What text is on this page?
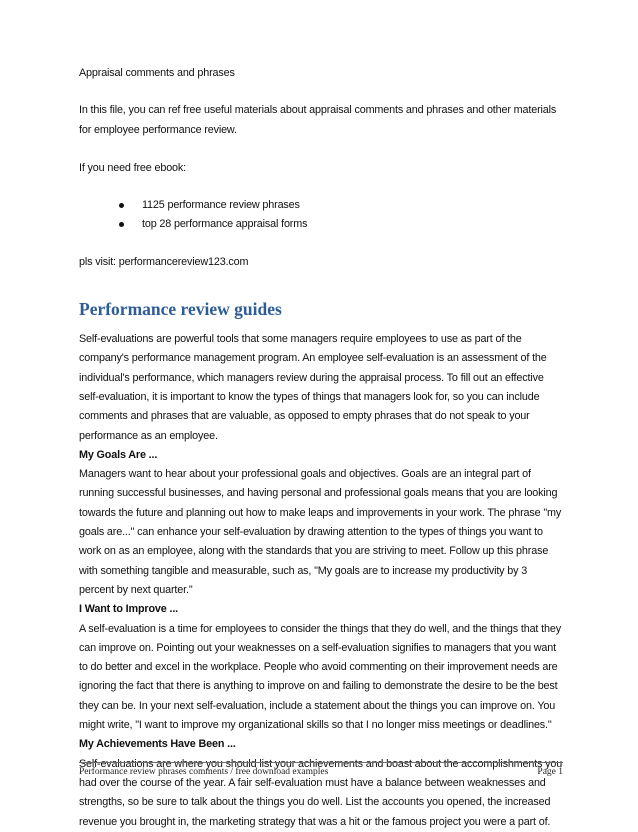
Appraisal comments and phrases

In this file, you can ref free useful materials about appraisal comments and phrases and other materials for employee performance review.

If you need free ebook:

1125 performance review phrases
top 28 performance appraisal forms

pls visit: performancereview123.com

Performance review guides

Self-evaluations are powerful tools that some managers require employees to use as part of the company's performance management program. An employee self-evaluation is an assessment of the individual's performance, which managers review during the appraisal process. To fill out an effective self-evaluation, it is important to know the types of things that managers look for, so you can include comments and phrases that are valuable, as opposed to empty phrases that do not speak to your performance as an employee.

My Goals Are ...

Managers want to hear about your professional goals and objectives. Goals are an integral part of running successful businesses, and having personal and professional goals means that you are looking towards the future and planning out how to make leaps and improvements in your work. The phrase "my goals are..." can enhance your self-evaluation by drawing attention to the types of things you want to work on as an employee, along with the standards that you are striving to meet. Follow up this phrase with something tangible and measurable, such as, "My goals are to increase my productivity by 3 percent by next quarter."

I Want to Improve ...

A self-evaluation is a time for employees to consider the things that they do well, and the things that they can improve on. Pointing out your weaknesses on a self-evaluation signifies to managers that you want to do better and excel in the workplace. People who avoid commenting on their improvement needs are ignoring the fact that there is anything to improve on and failing to demonstrate the desire to be the best they can be. In your next self-evaluation, include a statement about the things you can improve on. You might write, "I want to improve my organizational skills so that I no longer miss meetings or deadlines."

My Achievements Have Been ...

Self-evaluations are where you should list your achievements and boast about the accomplishments you had over the course of the year. A fair self-evaluation must have a balance between weaknesses and strengths, so be sure to talk about the things you do well. List the accounts you opened, the increased revenue you brought in, the marketing strategy that was a hit or the famous project you were a part of.

Performance review phrases comments / free download examples	Page 1
